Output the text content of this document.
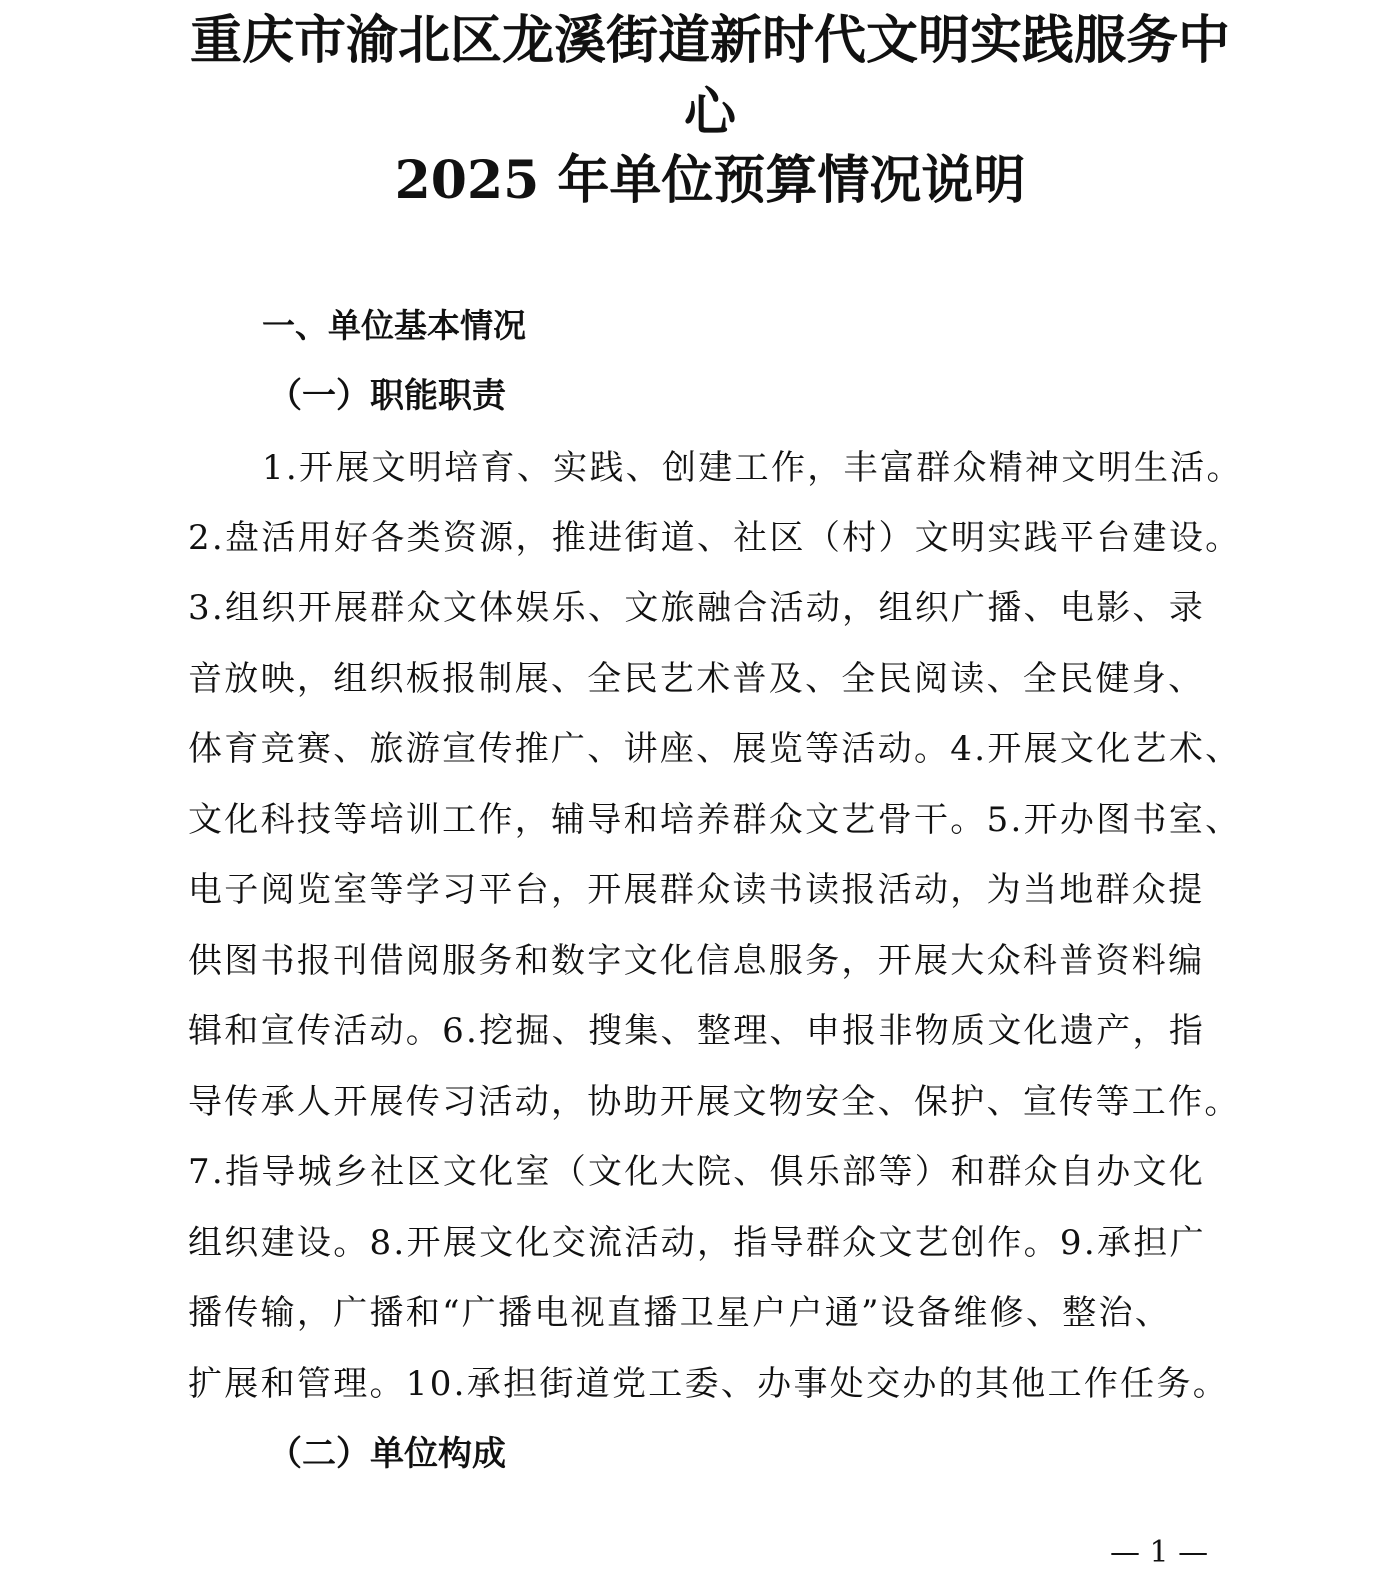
重庆市渝北区龙溪街道新时代文明实践服务中
心
2025 年单位预算情况说明
一、单位基本情况
（一）职能职责
1.开展文明培育、实践、创建工作，丰富群众精神文明生活。
2.盘活用好各类资源，推进街道、社区（村）文明实践平台建设。
3.组织开展群众文体娱乐、文旅融合活动，组织广播、电影、录
音放映，组织板报制展、全民艺术普及、全民阅读、全民健身、
体育竞赛、旅游宣传推广、讲座、展览等活动。4.开展文化艺术、
文化科技等培训工作，辅导和培养群众文艺骨干。5.开办图书室、
电子阅览室等学习平台，开展群众读书读报活动，为当地群众提
供图书报刊借阅服务和数字文化信息服务，开展大众科普资料编
辑和宣传活动。6.挖掘、搜集、整理、申报非物质文化遗产，指
导传承人开展传习活动，协助开展文物安全、保护、宣传等工作。
7.指导城乡社区文化室（文化大院、俱乐部等）和群众自办文化
组织建设。8.开展文化交流活动，指导群众文艺创作。9.承担广
播传输，广播和“广播电视直播卫星户户通”设备维修、整治、
扩展和管理。10.承担街道党工委、办事处交办的其他工作任务。
（二）单位构成
— 1 —
